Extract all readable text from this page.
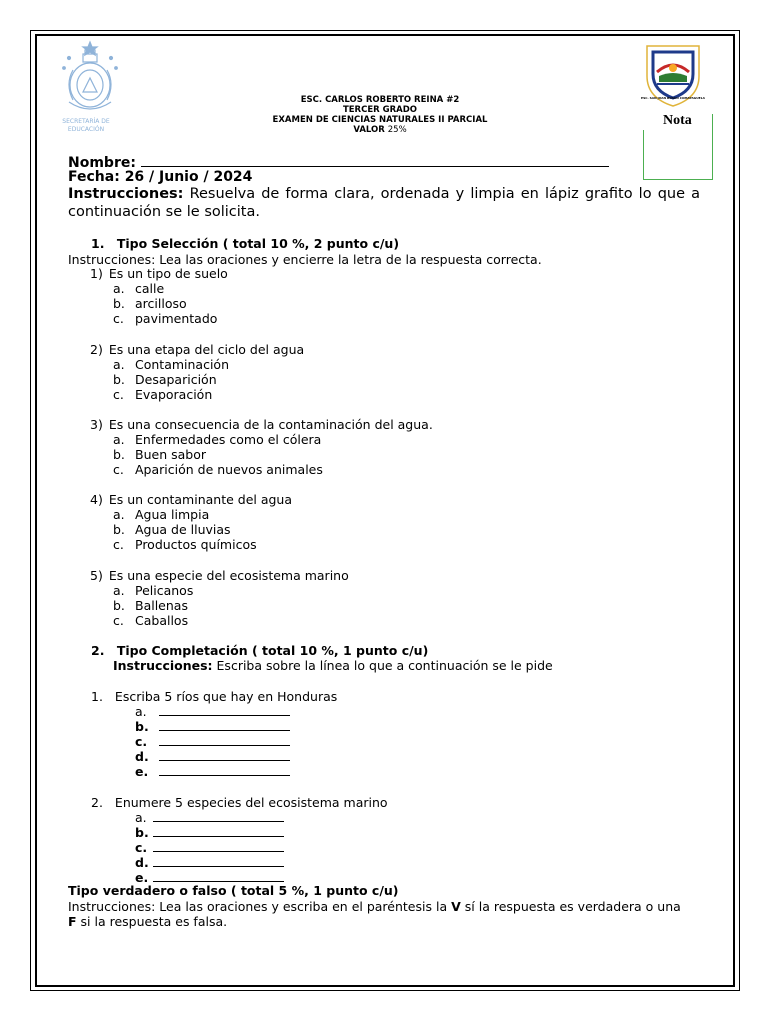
SECRETARÍA DE EDUCACIÓN
ESC. CARLOS ROBERTO REINA #2
TERCER GRADO
EXAMEN DE CIENCIAS NATURALES II PARCIAL
VALOR 25%
ESC. SAN JUAN BOSCO COMAYAGUELA
Nota
Nombre:
Fecha: 26 / Junio / 2024
Instrucciones: Resuelva de forma clara, ordenada y limpia en lápiz grafito lo que a
continuación se le solicita.
1. Tipo Selección ( total 10 %, 2 punto c/u)
Instrucciones: Lea las oraciones y encierre la letra de la respuesta correcta.
1) Es un tipo de suelo
a. calle
b. arcilloso
c. pavimentado
2) Es una etapa del ciclo del agua
a. Contaminación
b. Desaparición
c. Evaporación
3) Es una consecuencia de la contaminación del agua.
a. Enfermedades como el cólera
b. Buen sabor
c. Aparición de nuevos animales
4) Es un contaminante del agua
a. Agua limpia
b. Agua de lluvias
c. Productos químicos
5) Es una especie del ecosistema marino
a. Pelicanos
b. Ballenas
c. Caballos
2. Tipo Completación ( total 10 %, 1 punto c/u)
Instrucciones: Escriba sobre la línea lo que a continuación se le pide
1. Escriba 5 ríos que hay en Honduras
a.
b.
c.
d.
e.
2. Enumere 5 especies del ecosistema marino
a.
b.
c.
d.
e.
Tipo verdadero o falso ( total 5 %, 1 punto c/u)
Instrucciones: Lea las oraciones y escriba en el paréntesis la V sí la respuesta es verdadera o una
F si la respuesta es falsa.
